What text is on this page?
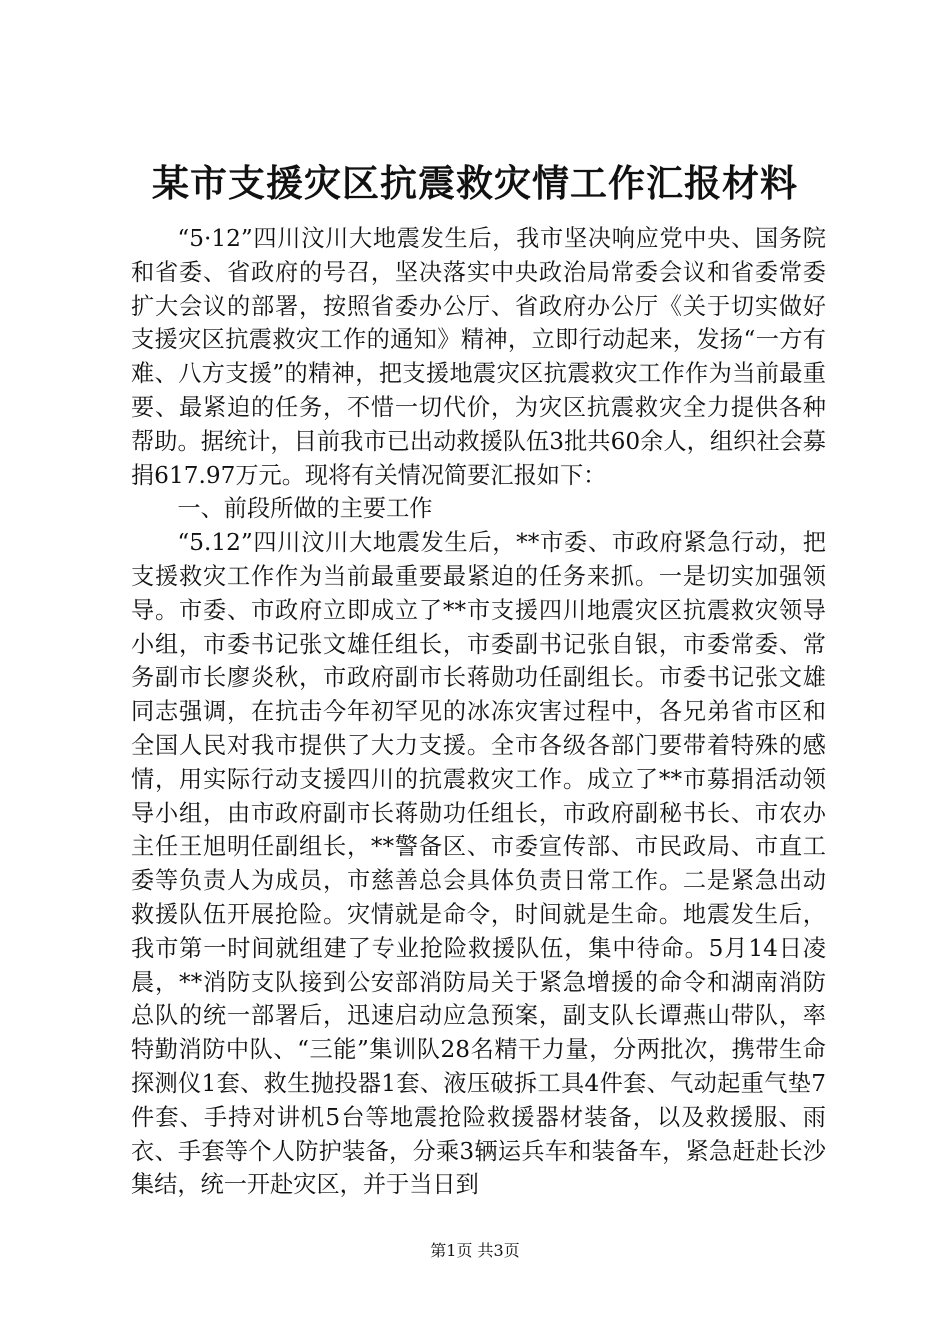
某市支援灾区抗震救灾情工作汇报材料

“5·12”四川汶川大地震发生后，我市坚决响应党中央、国务院和省委、省政府的号召，坚决落实中央政治局常委会议和省委常委扩大会议的部署，按照省委办公厅、省政府办公厅《关于切实做好支援灾区抗震救灾工作的通知》精神，立即行动起来，发扬“一方有难、八方支援”的精神，把支援地震灾区抗震救灾工作作为当前最重要、最紧迫的任务，不惜一切代价，为灾区抗震救灾全力提供各种帮助。据统计，目前我市已出动救援队伍3批共60余人，组织社会募捐617.97万元。现将有关情况简要汇报如下：

一、前段所做的主要工作

“5.12”四川汶川大地震发生后，**市委、市政府紧急行动，把支援救灾工作作为当前最重要最紧迫的任务来抓。一是切实加强领导。市委、市政府立即成立了**市支援四川地震灾区抗震救灾领导小组，市委书记张文雄任组长，市委副书记张自银，市委常委、常务副市长廖炎秋，市政府副市长蒋勋功任副组长。市委书记张文雄同志强调，在抗击今年初罕见的冰冻灾害过程中，各兄弟省市区和全国人民对我市提供了大力支援。全市各级各部门要带着特殊的感情，用实际行动支援四川的抗震救灾工作。成立了**市募捐活动领导小组，由市政府副市长蒋勋功任组长，市政府副秘书长、市农办主任王旭明任副组长，**警备区、市委宣传部、市民政局、市直工委等负责人为成员，市慈善总会具体负责日常工作。二是紧急出动救援队伍开展抢险。灾情就是命令，时间就是生命。地震发生后，我市第一时间就组建了专业抢险救援队伍，集中待命。5月14日凌晨，**消防支队接到公安部消防局关于紧急增援的命令和湖南消防总队的统一部署后，迅速启动应急预案，副支队长谭燕山带队，率特勤消防中队、“三能”集训队28名精干力量，分两批次，携带生命探测仪1套、救生抛投器1套、液压破拆工具4件套、气动起重气垫7件套、手持对讲机5台等地震抢险救援器材装备，以及救援服、雨衣、手套等个人防护装备，分乘3辆运兵车和装备车，紧急赶赴长沙集结，统一开赴灾区，并于当日到

第1页 共3页
